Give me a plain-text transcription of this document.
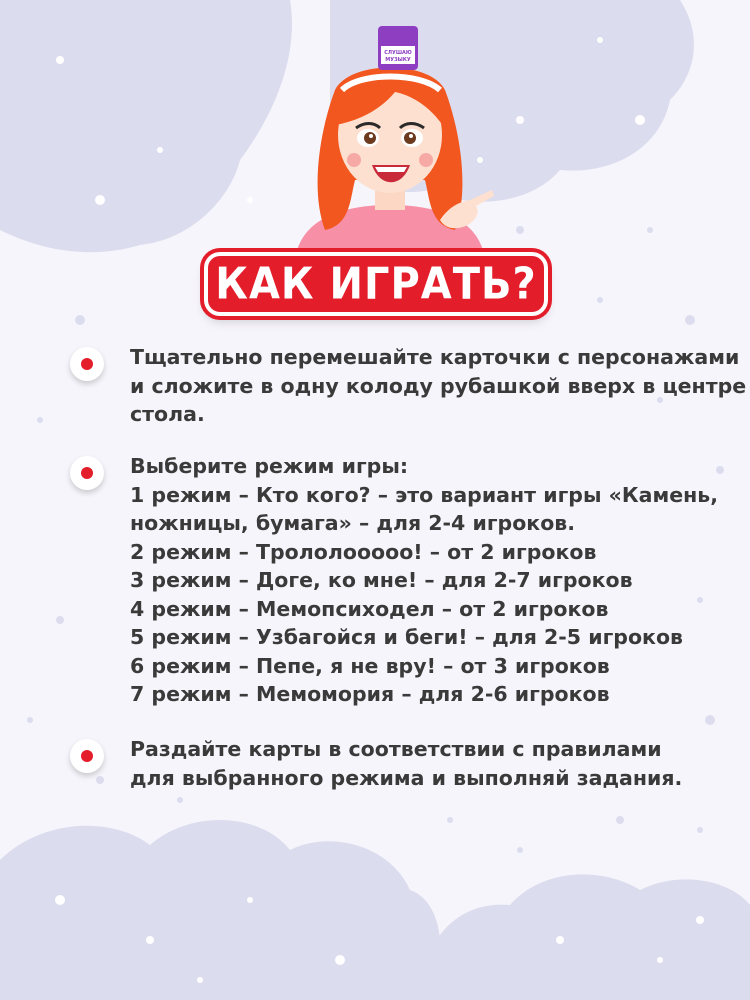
СЛУШАЮ
МУЗЫКУ
КАК ИГРАТЬ?
Тщательно перемешайте карточки с персонажами
и сложите в одну колоду рубашкой вверх в центре
стола.
Выберите режим игры:
1 режим – Кто кого? – это вариант игры «Камень,
ножницы, бумага» – для 2-4 игроков.
2 режим – Трололоoooo! – от 2 игроков
3 режим – Доге, ко мне! – для 2-7 игроков
4 режим – Мемопсиходел – от 2 игроков
5 режим – Узбагойся и беги! – для 2-5 игроков
6 режим – Пепе, я не вру! – от 3 игроков
7 режим – Мемомория – для 2-6 игроков
Раздайте карты в соответствии с правилами
для выбранного режима и выполняй задания.
